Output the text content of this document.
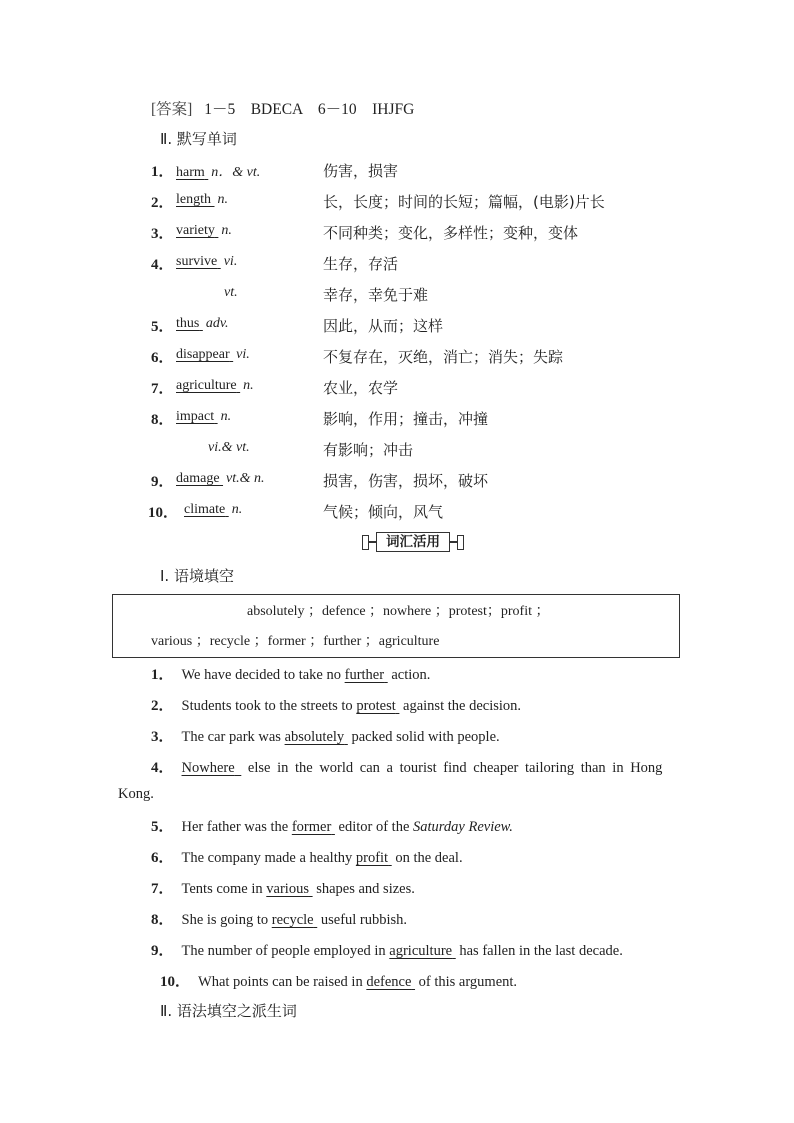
[答案] 1－5　BDECA　6－10　IHJFG
Ⅱ. 默写单词
1． harm n．& vt.	伤害，损害
2． length n.	长，长度；时间的长短；篇幅，(电影)片长
3． variety n.	不同种类；变化，多样性；变种，变体
4． survive vi.	生存，存活
vt.	幸存，幸免于难
5． thus adv.	因此，从而；这样
6． disappear vi.	不复存在，灭绝，消亡；消失；失踪
7． agriculture n.	农业，农学
8． impact n.	影响，作用；撞击，冲撞
vi.& vt.	有影响；冲击
9． damage vt.& n.	损害，伤害，损坏，破坏
10． climate n.	气候；倾向，风气
词汇活用
Ⅰ. 语境填空
absolutely ；defence ；nowhere ；protest；profit ；
various ；recycle ；former ；further ；agriculture
1． We have decided to take no further  action.
2． Students took to the streets to protest  against the decision.
3． The car park was absolutely  packed solid with people.
4． Nowhere  else in the world can a tourist find cheaper tailoring than in Hong
Kong.
5． Her father was the former  editor of the Saturday Review.
6． The company made a healthy profit  on the deal.
7． Tents come in various  shapes and sizes.
8． She is going to recycle  useful rubbish.
9． The number of people employed in agriculture  has fallen in the last decade.
10． What points can be raised in defence  of this argument.
Ⅱ. 语法填空之派生词
